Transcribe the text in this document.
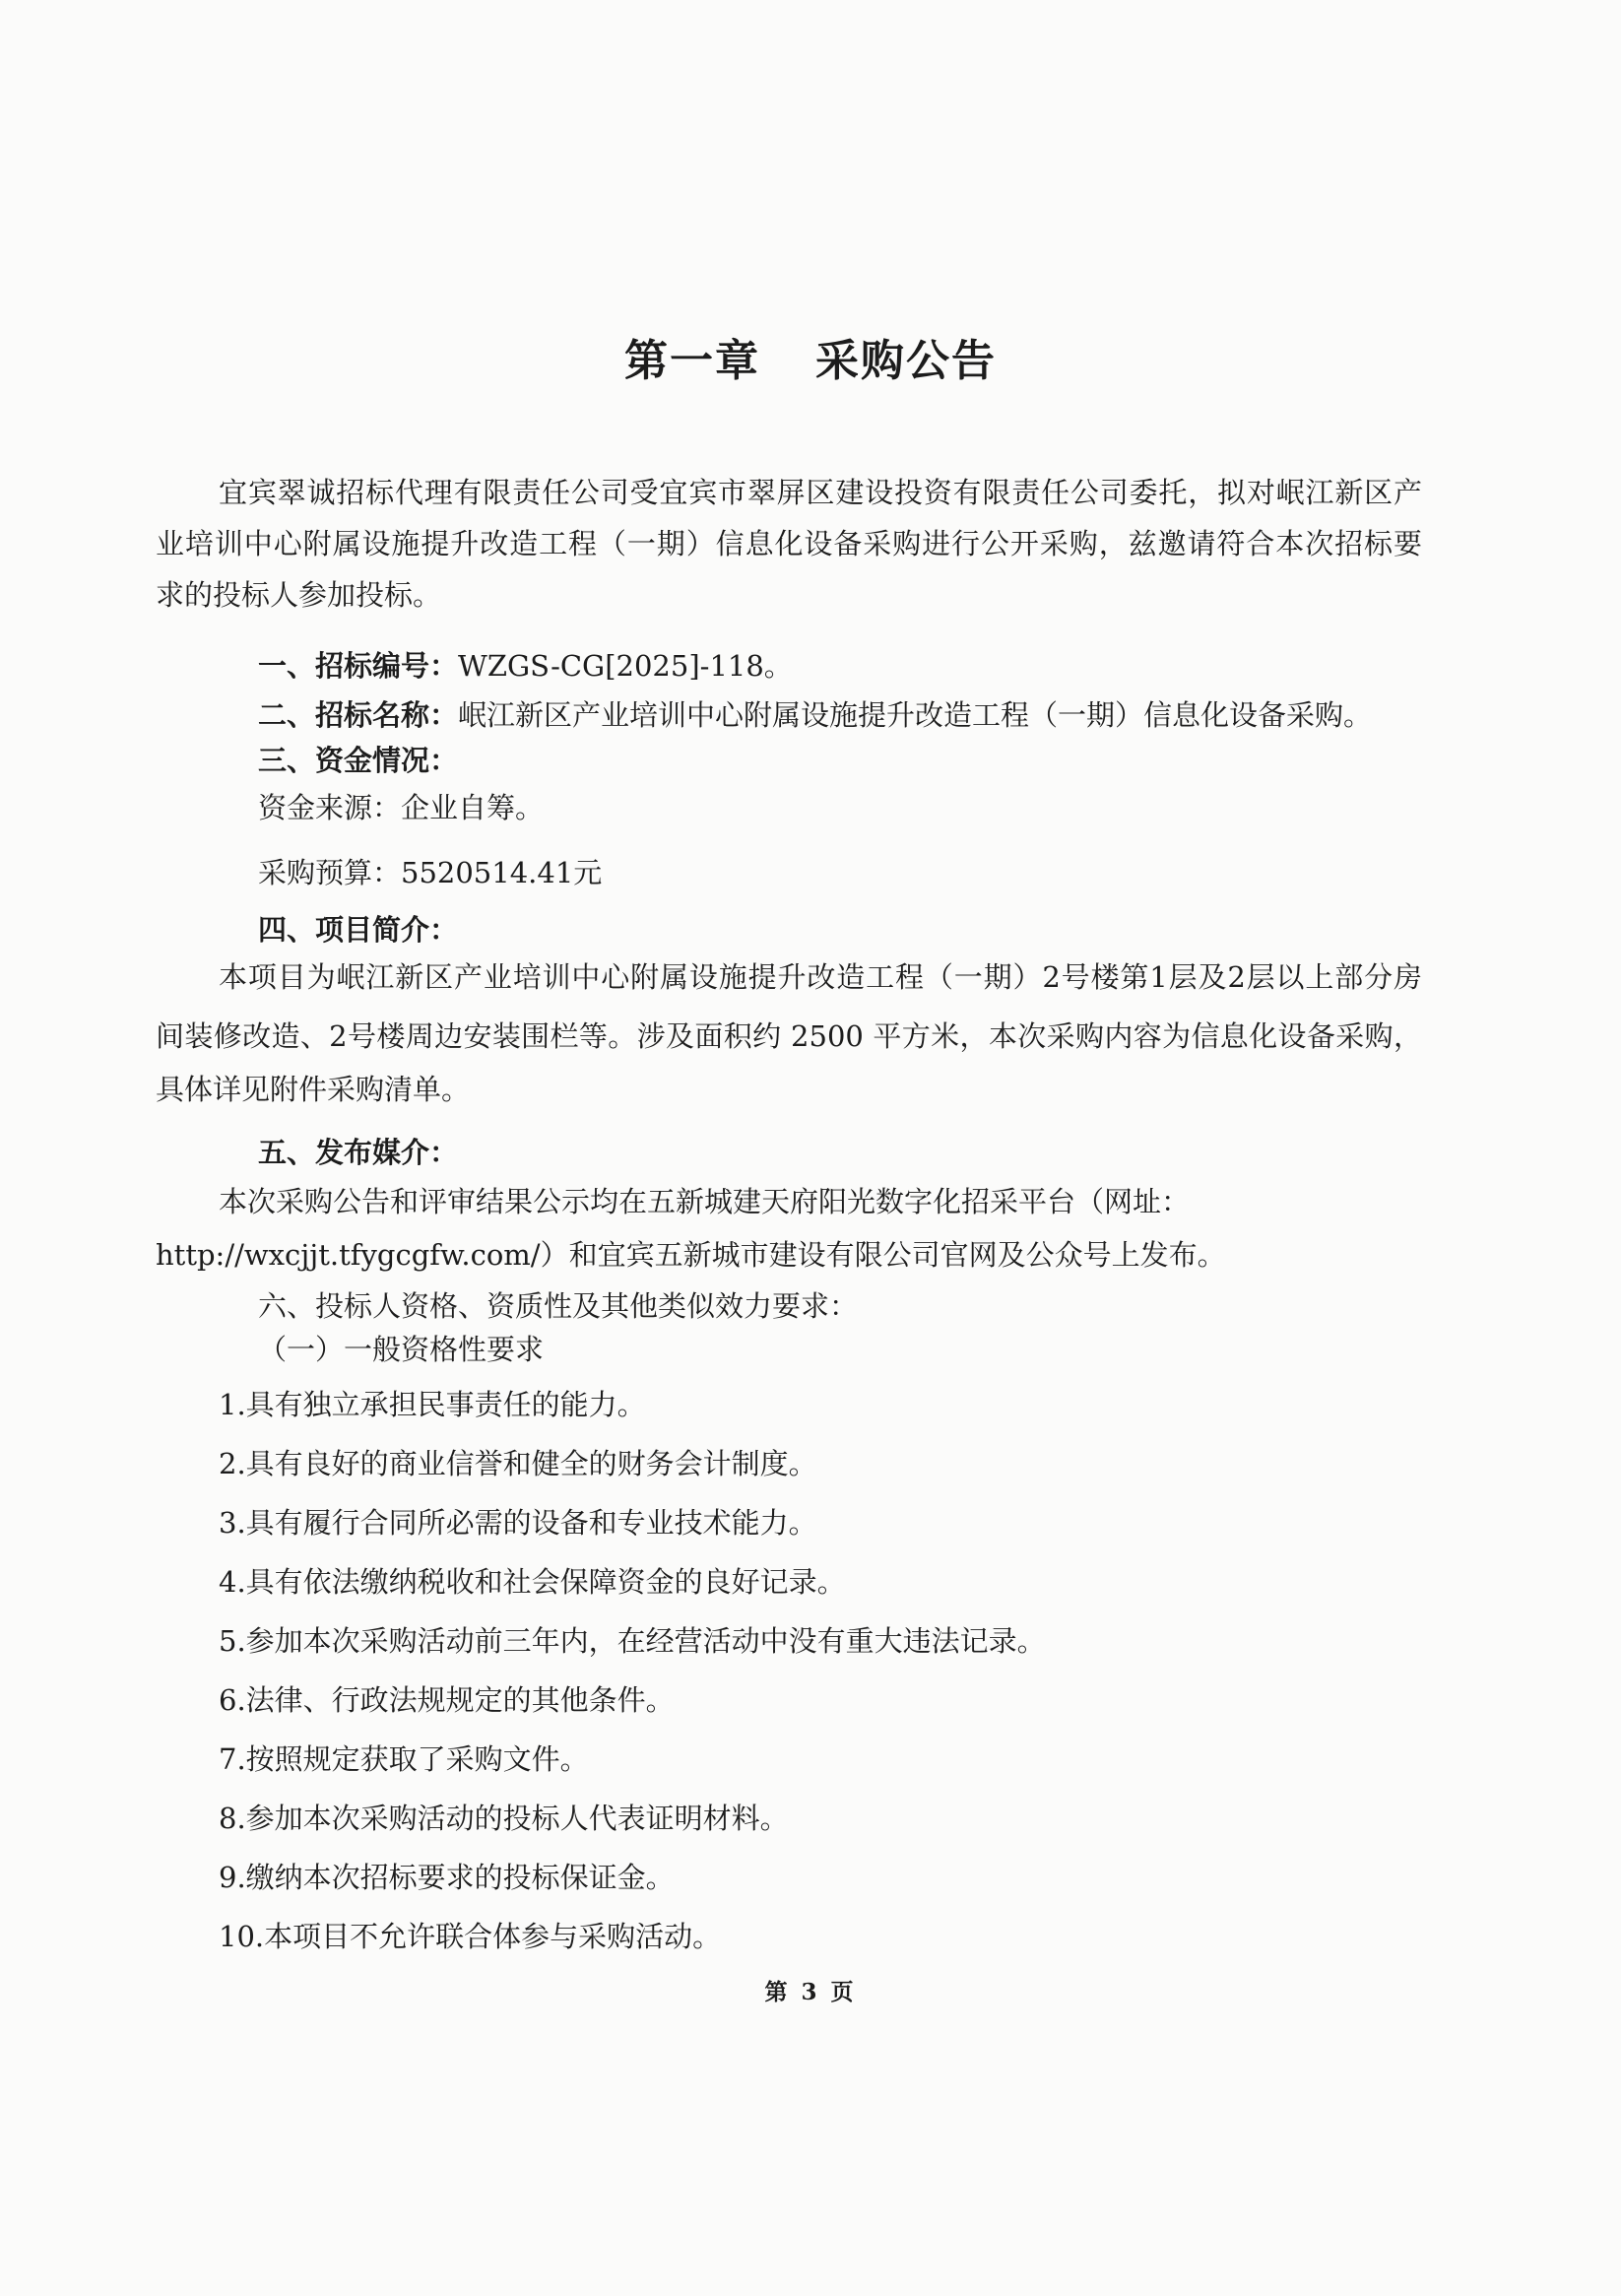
第一章 采购公告
宜宾翠诚招标代理有限责任公司受宜宾市翠屏区建设投资有限责任公司委托，拟对岷江新区产
业培训中心附属设施提升改造工程（一期）信息化设备采购进行公开采购，兹邀请符合本次招标要
求的投标人参加投标。
一、招标编号：WZGS-CG[2025]-118。
二、招标名称：岷江新区产业培训中心附属设施提升改造工程（一期）信息化设备采购。
三、资金情况：
资金来源：企业自筹。
采购预算：5520514.41元
四、项目简介：
本项目为岷江新区产业培训中心附属设施提升改造工程（一期）2号楼第1层及2层以上部分房
间装修改造、2号楼周边安装围栏等。涉及面积约 2500 平方米，本次采购内容为信息化设备采购，
具体详见附件采购清单。
五、发布媒介：
本次采购公告和评审结果公示均在五新城建天府阳光数字化招采平台（网址：
http://wxcjjt.tfygcgfw.com/）和宜宾五新城市建设有限公司官网及公众号上发布。
六、投标人资格、资质性及其他类似效力要求：
（一）一般资格性要求
1.具有独立承担民事责任的能力。
2.具有良好的商业信誉和健全的财务会计制度。
3.具有履行合同所必需的设备和专业技术能力。
4.具有依法缴纳税收和社会保障资金的良好记录。
5.参加本次采购活动前三年内，在经营活动中没有重大违法记录。
6.法律、行政法规规定的其他条件。
7.按照规定获取了采购文件。
8.参加本次采购活动的投标人代表证明材料。
9.缴纳本次招标要求的投标保证金。
10.本项目不允许联合体参与采购活动。
第 3 页
